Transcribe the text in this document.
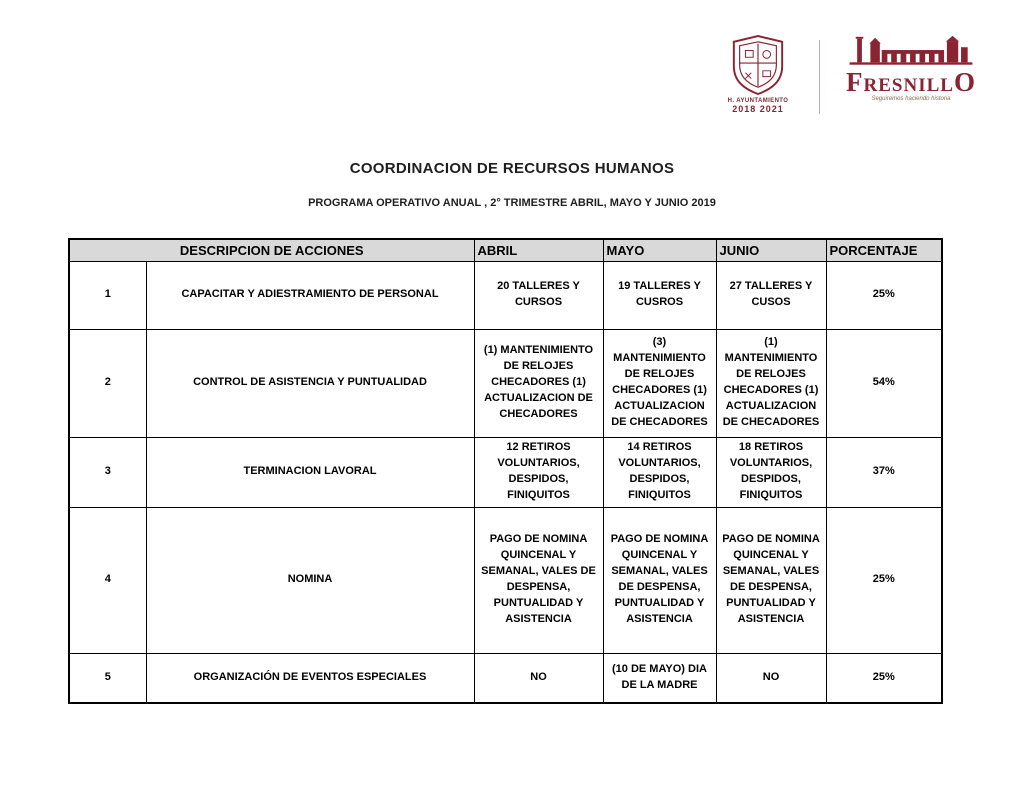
H. AYUNTAMIENTO
2018 2021
FresnillO
Seguiremos haciendo historia
COORDINACION DE RECURSOS HUMANOS
PROGRAMA OPERATIVO ANUAL , 2° TRIMESTRE ABRIL, MAYO Y JUNIO 2019
DESCRIPCION DE ACCIONES		ABRIL	MAYO	JUNIO	PORCENTAJE
1	CAPACITAR Y ADIESTRAMIENTO DE PERSONAL	20 TALLERES Y CURSOS	19 TALLERES Y CUSROS	27 TALLERES Y CUSOS	25%
2	CONTROL DE ASISTENCIA Y PUNTUALIDAD	(1) MANTENIMIENTO DE RELOJES CHECADORES (1) ACTUALIZACION DE CHECADORES	(3) MANTENIMIENTO DE RELOJES CHECADORES (1) ACTUALIZACION DE CHECADORES	(1) MANTENIMIENTO DE RELOJES CHECADORES (1) ACTUALIZACION DE CHECADORES	54%
3	TERMINACION LAVORAL	12 RETIROS VOLUNTARIOS, DESPIDOS, FINIQUITOS	14 RETIROS VOLUNTARIOS, DESPIDOS, FINIQUITOS	18 RETIROS VOLUNTARIOS, DESPIDOS, FINIQUITOS	37%
4	NOMINA	PAGO DE NOMINA QUINCENAL Y SEMANAL, VALES DE DESPENSA, PUNTUALIDAD Y ASISTENCIA	PAGO DE NOMINA QUINCENAL Y SEMANAL, VALES DE DESPENSA, PUNTUALIDAD Y ASISTENCIA	PAGO DE NOMINA QUINCENAL Y SEMANAL, VALES DE DESPENSA, PUNTUALIDAD Y ASISTENCIA	25%
5	ORGANIZACIÓN DE EVENTOS ESPECIALES	NO	(10 DE MAYO) DIA DE LA MADRE	NO	25%
